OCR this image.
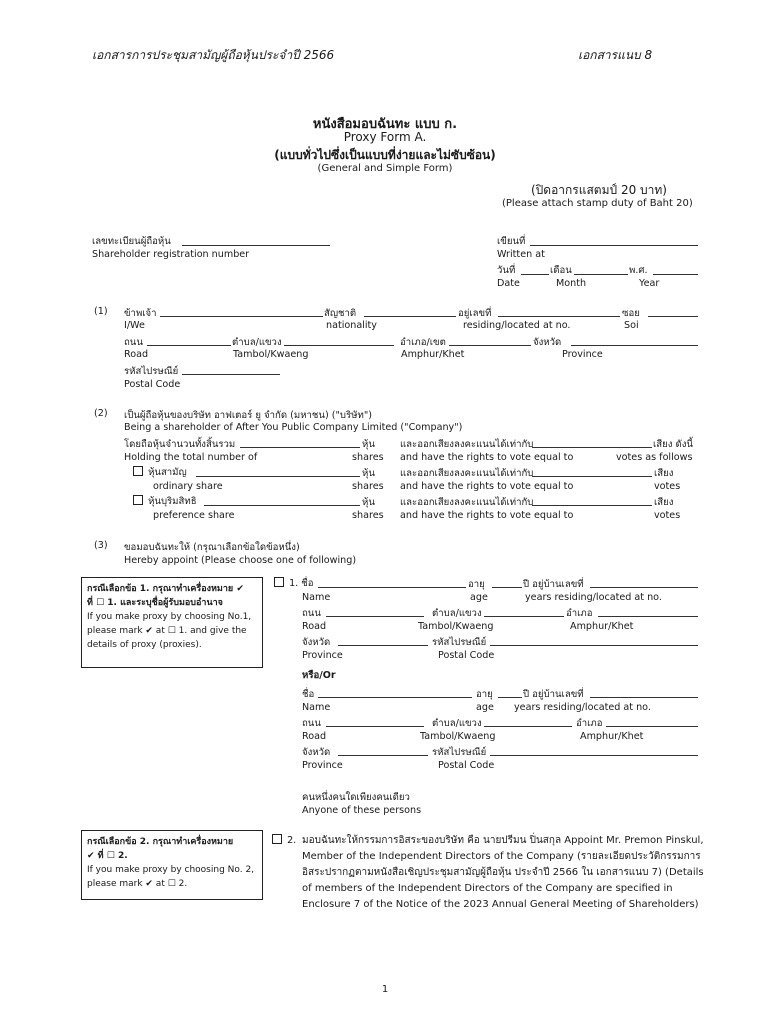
เอกสารการประชุมสามัญผู้ถือหุ้นประจำปี 2566	เอกสารแนบ 8
หนังสือมอบฉันทะ แบบ ก.
Proxy Form A.
(แบบทั่วไปซึ่งเป็นแบบที่ง่ายและไม่ซับซ้อน)
(General and Simple Form)
(ปิดอากรแสตมป์ 20 บาท)
(Please attach stamp duty of Baht 20)
เลขทะเบียนผู้ถือหุ้น
Shareholder registration number
เขียนที่
Written at
วันที่	เดือน	พ.ศ.
Date	Month	Year
(1) ข้าพเจ้า	สัญชาติ	อยู่เลขที่	ซอย
I/We	nationality	residing/located at no.	Soi
ถนน	ตำบล/แขวง	อำเภอ/เขต	จังหวัด
Road	Tambol/Kwaeng	Amphur/Khet	Province
รหัสไปรษณีย์
Postal Code
(2) เป็นผู้ถือหุ้นของบริษัท อาฟเตอร์ ยู จำกัด (มหาชน) ("บริษัท")
Being a shareholder of After You Public Company Limited ("Company")
โดยถือหุ้นจำนวนทั้งสิ้นรวม	หุ้น	และออกเสียงลงคะแนนได้เท่ากับ	เสียง ดังนี้
Holding the total number of	shares and have the rights to vote equal to	votes as follows
หุ้นสามัญ	หุ้น	และออกเสียงลงคะแนนได้เท่ากับ	เสียง
ordinary share	shares and have the rights to vote equal to	votes
หุ้นบุริมสิทธิ	หุ้น	และออกเสียงลงคะแนนได้เท่ากับ	เสียง
preference share	shares and have the rights to vote equal to	votes
(3) ขอมอบฉันทะให้ (กรุณาเลือกข้อใดข้อหนึ่ง)
Hereby appoint (Please choose one of following)
กรณีเลือกข้อ 1. กรุณาทำเครื่องหมาย ✔
ที่ ☐ 1. และระบุชื่อผู้รับมอบอำนาจ
If you make proxy by choosing No.1, please mark ✔ at ☐ 1. and give the details of proxy (proxies).
1. ชื่อ	อายุ	ปี อยู่บ้านเลขที่
Name	age	years residing/located at no.
ถนน	ตำบล/แขวง	อำเภอ
Road	Tambol/Kwaeng	Amphur/Khet
จังหวัด	รหัสไปรษณีย์
Province	Postal Code
หรือ/Or
ชื่อ	อายุ	ปี อยู่บ้านเลขที่
Name	age years residing/located at no.
ถนน	ตำบล/แขวง	อำเภอ
Road	Tambol/Kwaeng	Amphur/Khet
จังหวัด	รหัสไปรษณีย์
Province	Postal Code
คนหนึ่งคนใดเพียงคนเดียว
Anyone of these persons
กรณีเลือกข้อ 2. กรุณาทำเครื่องหมาย
✔ ที่ ☐ 2.
If you make proxy by choosing No. 2, please mark ✔ at ☐ 2.
2. มอบฉันทะให้กรรมการอิสระของบริษัท คือ นายปรีมน ปิ่นสกุล Appoint Mr. Premon Pinskul, Member of the Independent Directors of the Company (รายละเอียดประวัติกรรมการอิสระปรากฏตามหนังสือเชิญประชุมสามัญผู้ถือหุ้น ประจำปี 2566 ใน เอกสารแนบ 7) (Details of members of the Independent Directors of the Company are specified in Enclosure 7 of the Notice of the 2023 Annual General Meeting of Shareholders)
1
